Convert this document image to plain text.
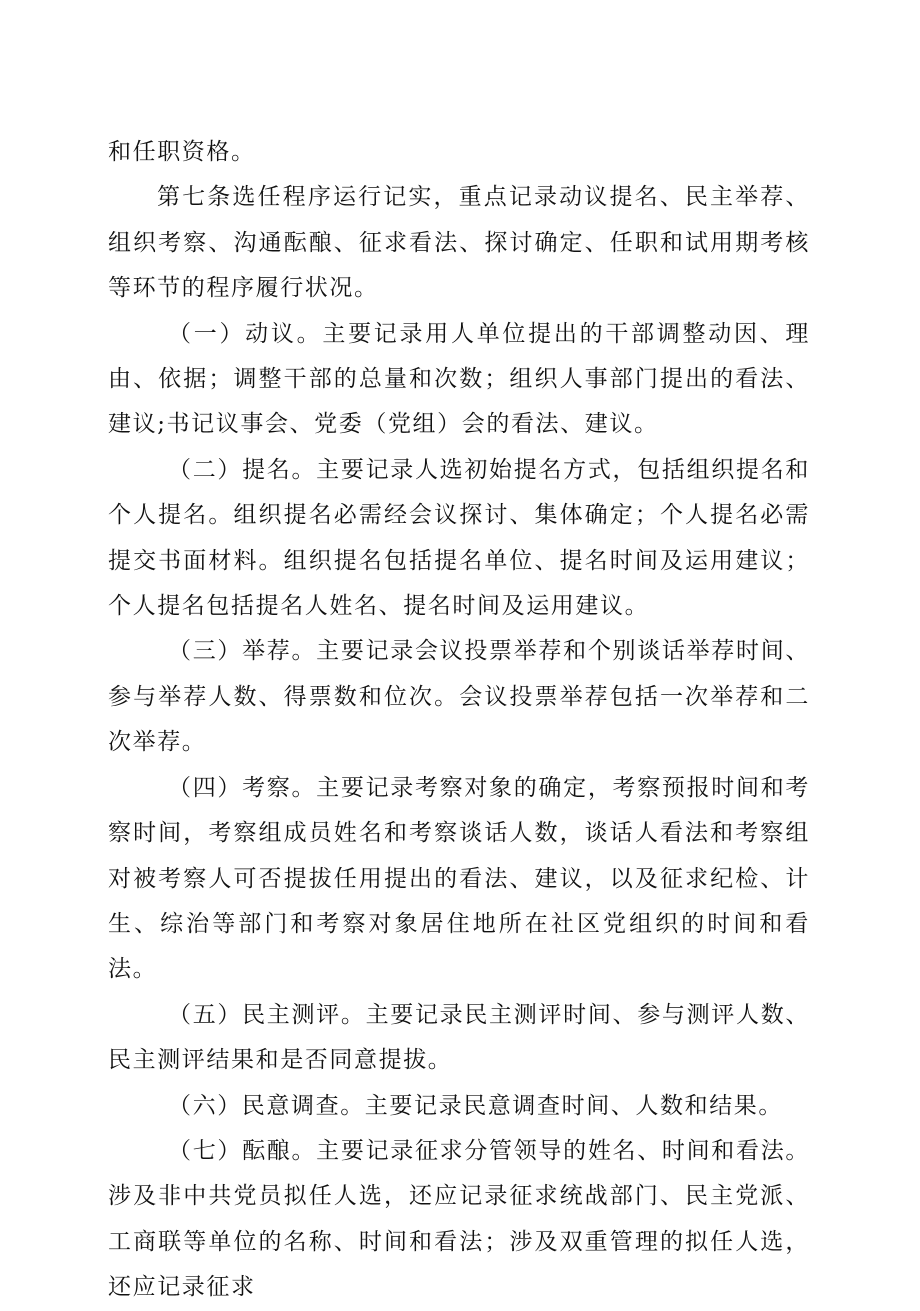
和任职资格。

第七条选任程序运行记实，重点记录动议提名、民主举荐、组织考察、沟通酝酿、征求看法、探讨确定、任职和试用期考核等环节的程序履行状况。

（一）动议。主要记录用人单位提出的干部调整动因、理由、依据；调整干部的总量和次数；组织人事部门提出的看法、建议;书记议事会、党委（党组）会的看法、建议。

（二）提名。主要记录人选初始提名方式，包括组织提名和个人提名。组织提名必需经会议探讨、集体确定；个人提名必需提交书面材料。组织提名包括提名单位、提名时间及运用建议；个人提名包括提名人姓名、提名时间及运用建议。

（三）举荐。主要记录会议投票举荐和个别谈话举荐时间、参与举荐人数、得票数和位次。会议投票举荐包括一次举荐和二次举荐。

（四）考察。主要记录考察对象的确定，考察预报时间和考察时间，考察组成员姓名和考察谈话人数，谈话人看法和考察组对被考察人可否提拔任用提出的看法、建议，以及征求纪检、计生、综治等部门和考察对象居住地所在社区党组织的时间和看法。

（五）民主测评。主要记录民主测评时间、参与测评人数、民主测评结果和是否同意提拔。

（六）民意调查。主要记录民意调查时间、人数和结果。

（七）酝酿。主要记录征求分管领导的姓名、时间和看法。涉及非中共党员拟任人选，还应记录征求统战部门、民主党派、工商联等单位的名称、时间和看法；涉及双重管理的拟任人选，还应记录征求
